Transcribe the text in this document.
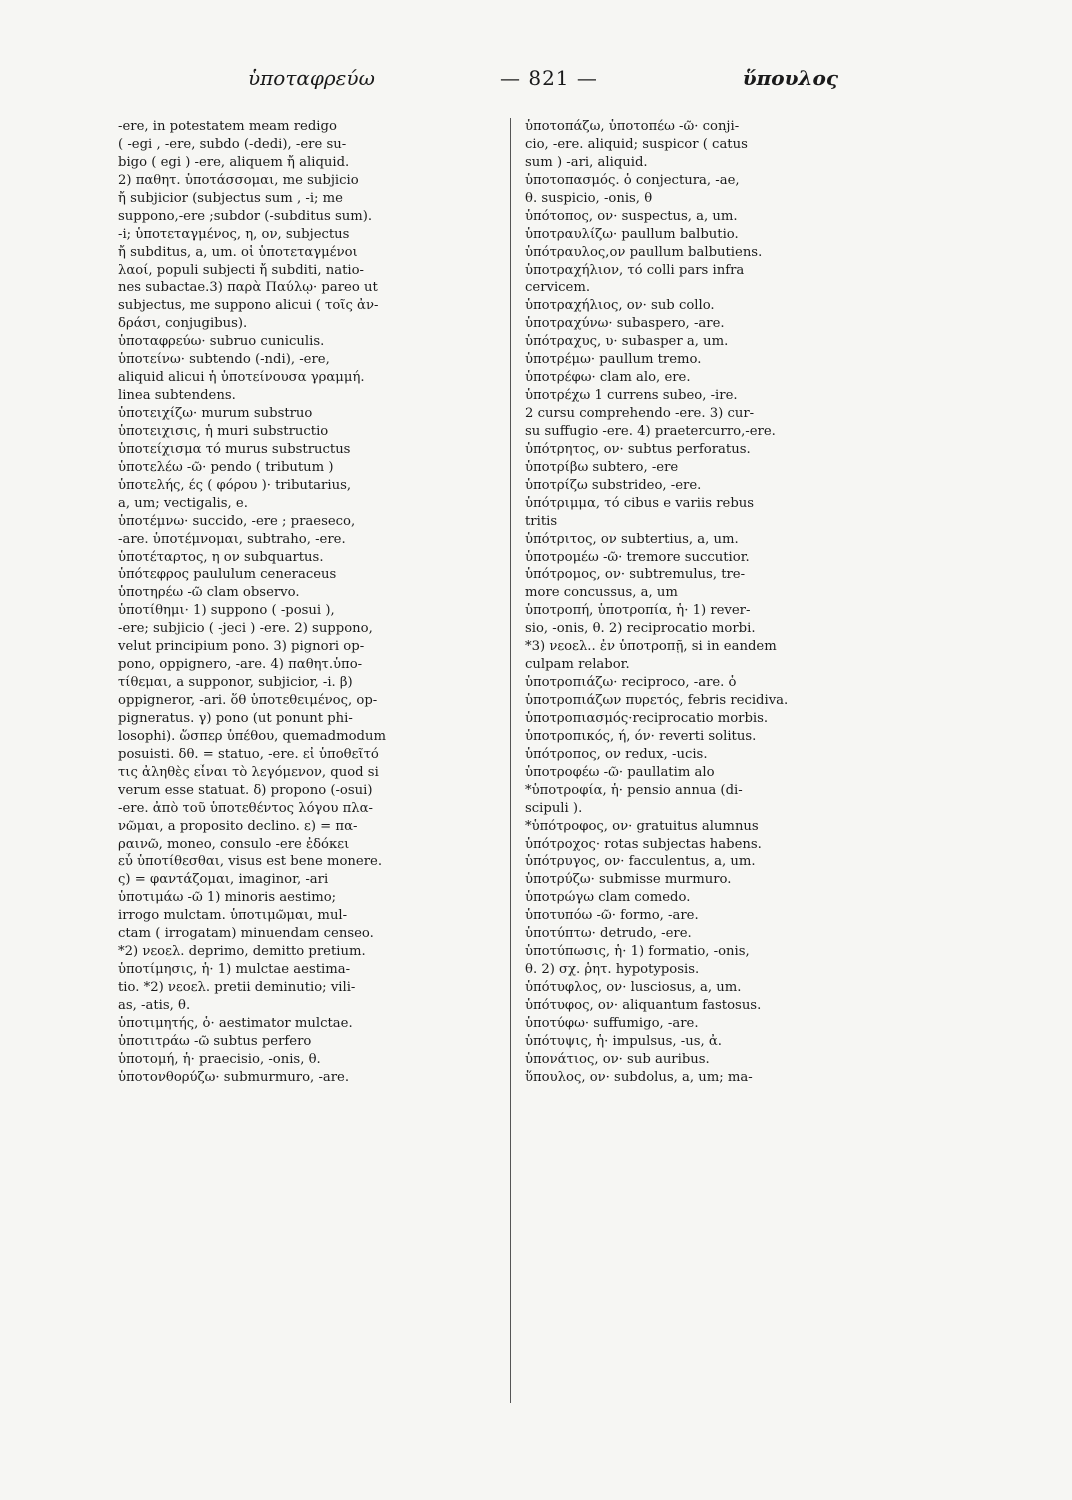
ὑποταφρεύω	— 821 —	ὕπουλος
-ere, in potestatem meam redigo
( -egi , -ere, subdo (-dedi), -ere su-
bigo ( egi ) -ere, aliquem ἤ aliquid.
2) παθητ. ὑποτάσσομαι, me subjicio
ἤ subjicior (subjectus sum , -i; me
suppono,-ere ;subdor (-subditus sum).
-i; ὑποτεταγμένος, η, ον, subjectus
ἤ subditus, a, um. οἱ ὑποτεταγμένοι
λαοί, populi subjecti ἤ subditi, natio-
nes subactae.3) παρὰ Παύλῳ· pareo ut
subjectus, me suppono alicui ( τοῖς ἀν-
δράσι, conjugibus).
ὑποταφρεύω· subruo cuniculis.
ὑποτείνω· subtendo (-ndi), -ere,
aliquid alicui ἡ ὑποτείνουσα γραμμή.
linea subtendens.
ὑποτειχίζω· murum substruo
ὑποτειχισις, ἡ muri substructio
ὑποτείχισμα τό murus substructus
ὑποτελέω -ῶ· pendo ( tributum )
ὑποτελής, ές ( φόρου )· tributarius,
a, um; vectigalis, e.
ὑποτέμνω· succido, -ere ; praeseco,
-are. ὑποτέμνομαι, subtraho, -ere.
ὑποτέταρτος, η ον subquartus.
ὑπότεφρος paululum ceneraceus
ὑποτηρέω -ῶ clam observo.
ὑποτίθημι· 1) suppono ( -posui ),
-ere; subjicio ( -jeci ) -ere. 2) suppono,
velut principium pono. 3) pignori op-
pono, oppignero, -are. 4) παθητ.ὑπο-
τίθεμαι, a supponor, subjicior, -i. β)
oppigneror, -ari. ὅθ ὑποτεθειμένος, op-
pigneratus. γ) pono (ut ponunt phi-
losophi). ὥσπερ ὑπέθου, quemadmodum
posuisti. δθ. = statuo, -ere. εἰ ὑποθεῖτό
τις ἀληθὲς εἶναι τὸ λεγόμενον, quod si
verum esse statuat. δ) propono (-osui)
-ere. ἀπὸ τοῦ ὑποτεθέντος λόγου πλα-
νῶμαι, a proposito declino. ε) = πα-
ραινῶ, moneo, consulo -ere ἐδόκει
εὖ ὑποτίθεσθαι, visus est bene monere.
ς) = φαντάζομαι, imaginor, -ari
ὑποτιμάω -ῶ 1) minoris aestimo;
irrogo mulctam. ὑποτιμῶμαι, mul-
ctam ( irrogatam) minuendam censeo.
*2) νεοελ. deprimo, demitto pretium.
ὑποτίμησις, ἡ· 1) mulctae aestima-
tio. *2) νεοελ. pretii deminutio; vili-
as, -atis, θ.
ὑποτιμητής, ὁ· aestimator mulctae.
ὑποτιτράω -ῶ subtus perfero
ὑποτομή, ἡ· praecisio, -onis, θ.
ὑποτονθορύζω· submurmuro, -are.
ὑποτοπάζω, ὑποτοπέω -ῶ· conji-
cio, -ere. aliquid; suspicor ( catus
sum ) -ari, aliquid.
ὑποτοπασμός. ὁ conjectura, -ae,
θ. suspicio, -onis, θ
ὑπότοπος, ον· suspectus, a, um.
ὑποτραυλίζω· paullum balbutio.
ὑπότραυλος,ον paullum balbutiens.
ὑποτραχήλιον, τό colli pars infra
cervicem.
ὑποτραχήλιος, ον· sub collo.
ὑποτραχύνω· subaspero, -are.
ὑπότραχυς, υ· subasper a, um.
ὑποτρέμω· paullum tremo.
ὑποτρέφω· clam alo, ere.
ὑποτρέχω 1 currens subeo, -ire.
2 cursu comprehendo -ere. 3) cur-
su suffugio -ere. 4) praetercurro,-ere.
ὑπότρητος, ον· subtus perforatus.
ὑποτρίβω subtero, -ere
ὑποτρίζω substrideo, -ere.
ὑπότριμμα, τό cibus e variis rebus
tritis
ὑπότριτος, ον subtertius, a, um.
ὑποτρομέω -ῶ· tremore succutior.
ὑπότρομος, ον· subtremulus, tre-
more concussus, a, um
ὑποτροπή, ὑποτροπία, ἡ· 1) rever-
sio, -onis, θ. 2) reciprocatio morbi.
*3) νεοελ.. ἐν ὑποτροπῇ, si in eandem
culpam relabor.
ὑποτροπιάζω· reciproco, -are. ὁ
ὑποτροπιάζων πυρετός, febris recidiva.
ὑποτροπιασμός·reciprocatio morbis.
ὑποτροπικός, ή, όν· reverti solitus.
ὑπότροπος, ον redux, -ucis.
ὑποτροφέω -ῶ· paullatim alo
*ὑποτροφία, ἡ· pensio annua (di-
scipuli ).
*ὑπότροφος, ον· gratuitus alumnus
ὑπότροχος· rotas subjectas habens.
ὑπότρυγος, ον· facculentus, a, um.
ὑποτρύζω· submisse murmuro.
ὑποτρώγω clam comedo.
ὑποτυπόω -ῶ· formo, -are.
ὑποτύπτω· detrudo, -ere.
ὑποτύπωσις, ἡ· 1) formatio, -onis,
θ. 2) σχ. ῥητ. hypotyposis.
ὑπότυφλος, ον· lusciosus, a, um.
ὑπότυφος, ον· aliquantum fastosus.
ὑποτύφω· suffumigo, -are.
ὑπότυψις, ἡ· impulsus, -us, ἀ.
ὑπονάτιος, ον· sub auribus.
ὕπουλος, ον· subdolus, a, um; ma-
